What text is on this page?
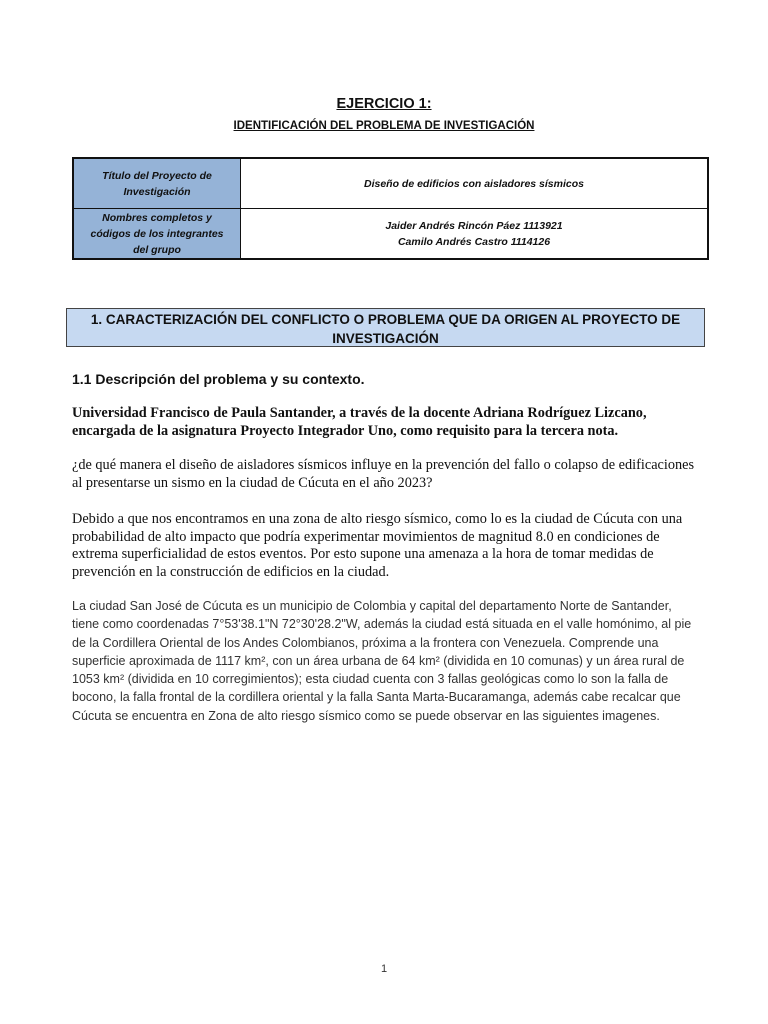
EJERCICIO 1:
IDENTIFICACIÓN DEL PROBLEMA DE INVESTIGACIÓN
Título del Proyecto de
Investigación	Diseño de edificios con aisladores sísmicos

Nombres completos y
códigos de los integrantes
del grupo	Jaider Andrés Rincón Páez 1113921
Camilo Andrés Castro 1114126
1. CARACTERIZACIÓN DEL CONFLICTO O PROBLEMA QUE DA ORIGEN AL PROYECTO DE
INVESTIGACIÓN
1.1 Descripción del problema y su contexto.
Universidad Francisco de Paula Santander, a través de la docente Adriana Rodríguez Lizcano, encargada de la asignatura Proyecto Integrador Uno, como requisito para la tercera nota.
¿de qué manera el diseño de aisladores sísmicos influye en la prevención del fallo o colapso de edificaciones al presentarse un sismo en la ciudad de Cúcuta en el año 2023?
Debido a que nos encontramos en una zona de alto riesgo sísmico, como lo es la ciudad de Cúcuta con una probabilidad de alto impacto que podría experimentar movimientos de magnitud 8.0 en condiciones de extrema superficialidad de estos eventos. Por esto supone una amenaza a la hora de tomar medidas de prevención en la construcción de edificios en la ciudad.
La ciudad San José de Cúcuta es un municipio de Colombia y capital del departamento Norte de Santander, tiene como coordenadas 7°53'38.1"N 72°30'28.2"W, además la ciudad está situada en el valle homónimo, al pie de la Cordillera Oriental de los Andes Colombianos, próxima a la frontera con Venezuela. Comprende una superficie aproximada de 1117 km², con un área urbana de 64 km² (dividida en 10 comunas) y un área rural de 1053 km² (dividida en 10 corregimientos); esta ciudad cuenta con 3 fallas geológicas como lo son la falla de bocono, la falla frontal de la cordillera oriental y la falla Santa Marta-Bucaramanga, además cabe recalcar que Cúcuta se encuentra en Zona de alto riesgo sísmico como se puede observar en las siguientes imagenes.
1
